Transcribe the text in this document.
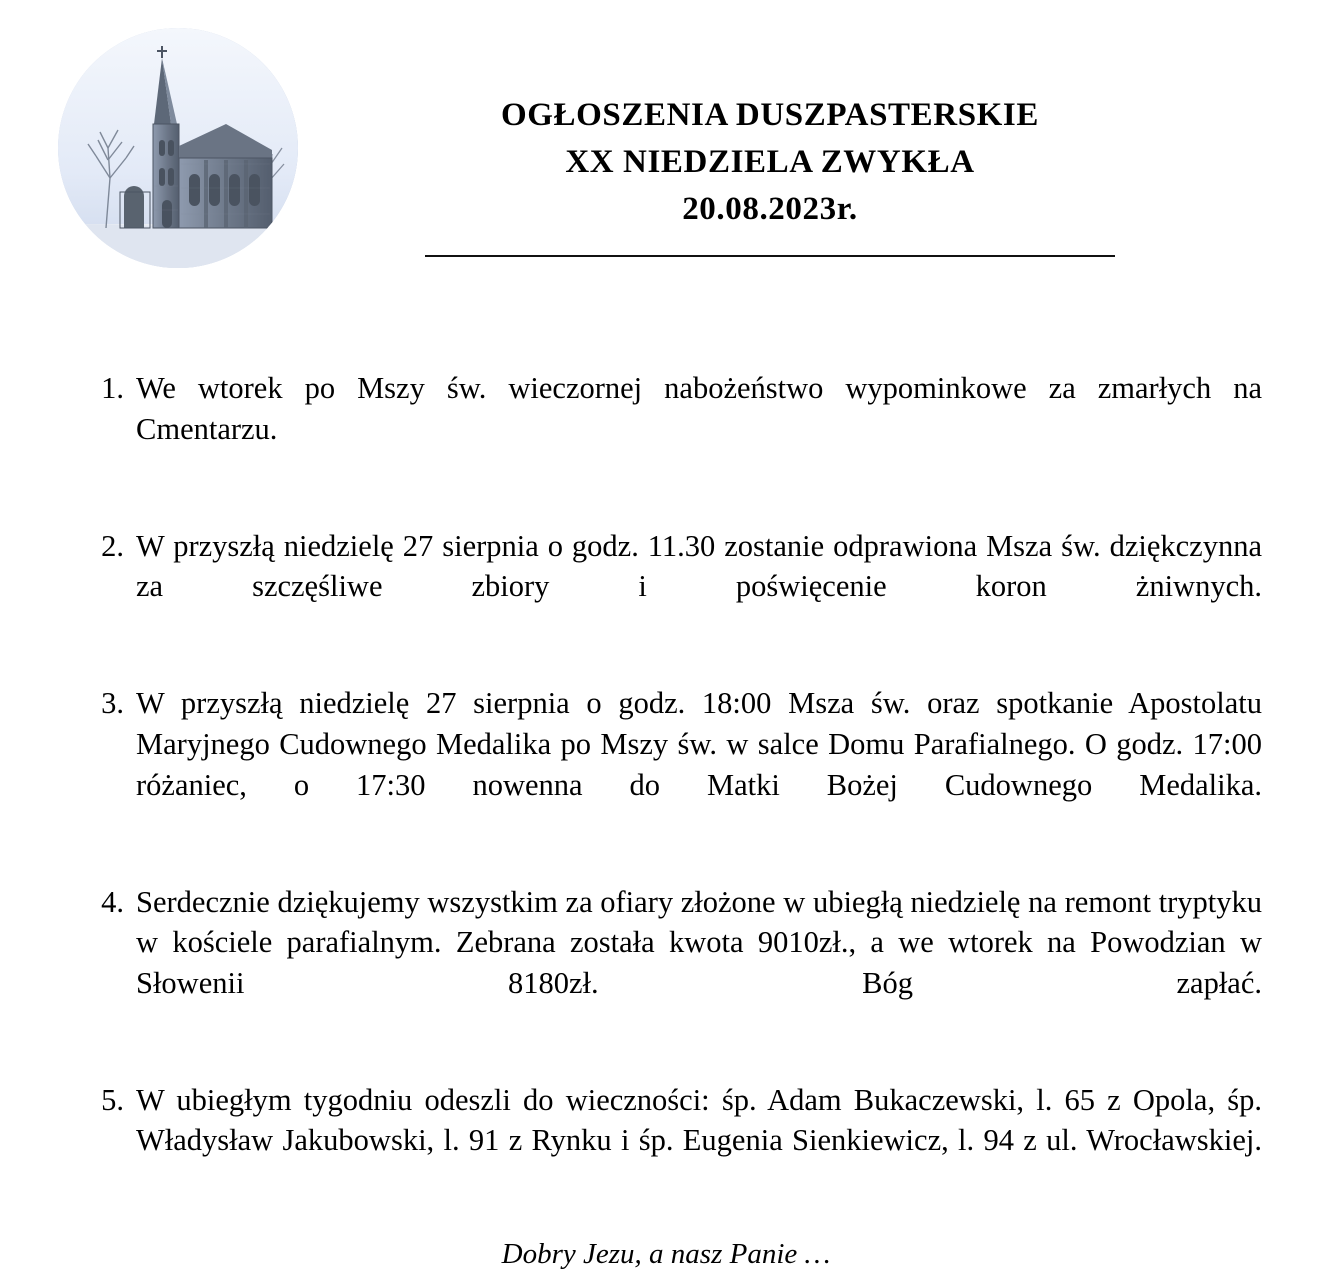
OGŁOSZENIA DUSZPASTERSKIE
XX NIEDZIELA ZWYKŁA
20.08.2023r.
1. We wtorek po Mszy św. wieczornej nabożeństwo wypominkowe za zmarłych na Cmentarzu.
2. W przyszłą niedzielę 27 sierpnia o godz. 11.30 zostanie odprawiona Msza św. dziękczynna za szczęśliwe zbiory i poświęcenie koron żniwnych.
3. W przyszłą niedzielę 27 sierpnia o godz. 18:00 Msza św. oraz spotkanie Apostolatu Maryjnego Cudownego Medalika po Mszy św. w salce Domu Parafialnego. O godz. 17:00 różaniec, o 17:30 nowenna do Matki Bożej Cudownego Medalika.
4. Serdecznie dziękujemy wszystkim za ofiary złożone w ubiegłą niedzielę na remont tryptyku w kościele parafialnym. Zebrana została kwota 9010zł., a we wtorek na Powodzian w Słowenii 8180zł. Bóg zapłać.
5. W ubiegłym tygodniu odeszli do wieczności: śp. Adam Bukaczewski, l. 65 z Opola, śp. Władysław Jakubowski, l. 91 z Rynku i śp. Eugenia Sienkiewicz, l. 94 z ul. Wrocławskiej.
Dobry Jezu, a nasz Panie …
